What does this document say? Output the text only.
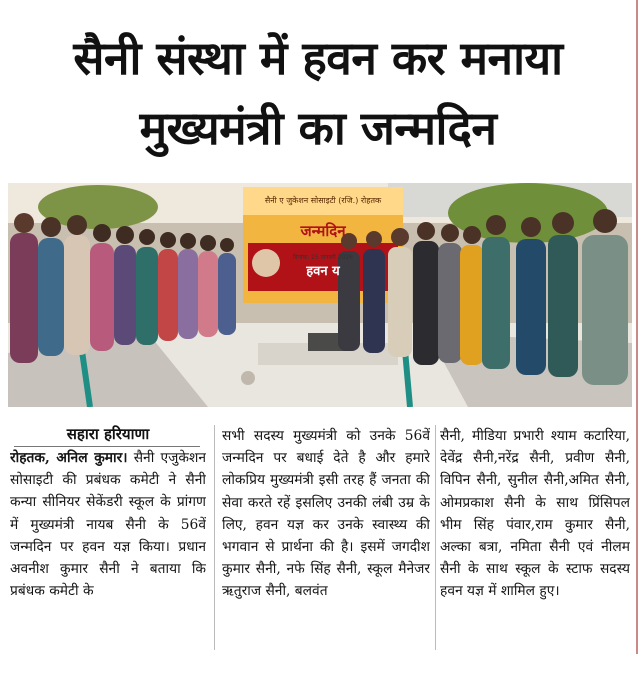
सैनी संस्था में हवन कर मनाया
मुख्यमंत्री का जन्मदिन
सैनी ए जुकेशन सोसाइटी (रजि.) रोहतक
जन्मदिन
दिनांक: 25 जनवरी 2026
हवन य
सहारा हरियाणा
रोहतक, अनिल कुमार। सैनी एजुकेशन सोसाइटी की प्रबंधक कमेटी ने सैनी कन्या सीनियर सेकेंडरी स्कूल के प्रांगण में मुख्यमंत्री नायब सैनी के 56वें जन्मदिन पर हवन यज्ञ किया। प्रधान अवनीश कुमार सैनी ने बताया कि प्रबंधक कमेटी के
सभी सदस्य मुख्यमंत्री को उनके 56वें जन्मदिन पर बधाई देते है और हमारे लोकप्रिय मुख्यमंत्री इसी तरह हैं जनता की सेवा करते रहें इसलिए उनकी लंबी उम्र के लिए, हवन यज्ञ कर उनके स्वास्थ्य की भगवान से प्रार्थना की है। इसमें जगदीश कुमार सैनी, नफे सिंह सैनी, स्कूल मैनेजर ऋतुराज सैनी, बलवंत
सैनी, मीडिया प्रभारी श्याम कटारिया, देवेंद्र सैनी,नरेंद्र सैनी, प्रवीण सैनी, विपिन सैनी, सुनील सैनी,अमित सैनी, ओमप्रकाश सैनी के साथ प्रिंसिपल भीम सिंह पंवार,राम कुमार सैनी, अल्का बत्रा, नमिता सैनी एवं नीलम सैनी के साथ स्कूल के स्टाफ सदस्य हवन यज्ञ में शामिल हुए।
